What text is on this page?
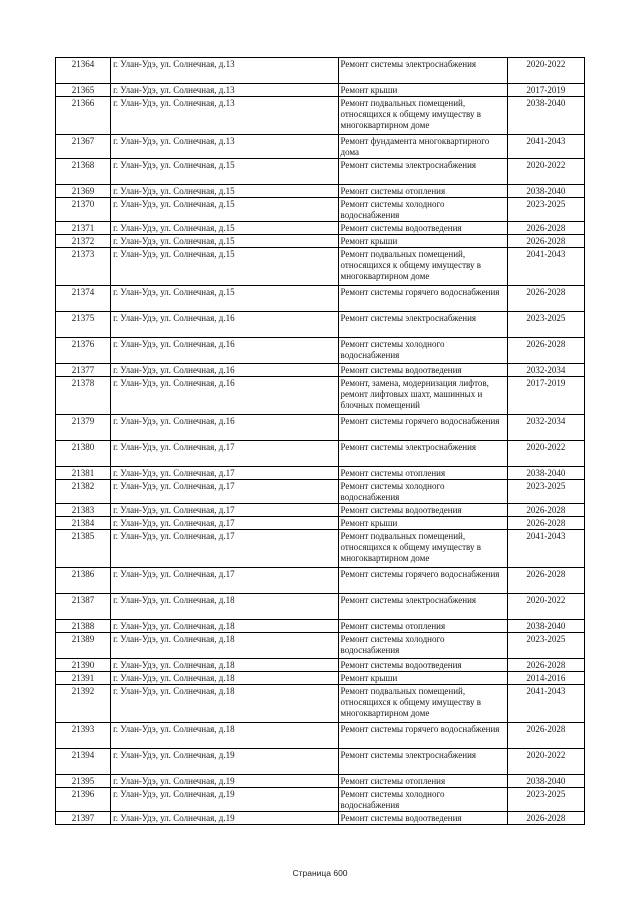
21364	г. Улан-Удэ, ул. Солнечная, д.13	Ремонт системы электроснабжения	2020-2022
21365	г. Улан-Удэ, ул. Солнечная, д.13	Ремонт крыши	2017-2019
21366	г. Улан-Удэ, ул. Солнечная, д.13	Ремонт подвальных помещений, относящихся к общему имуществу в многоквартирном доме	2038-2040
21367	г. Улан-Удэ, ул. Солнечная, д.13	Ремонт фундамента многоквартирного дома	2041-2043
21368	г. Улан-Удэ, ул. Солнечная, д.15	Ремонт системы электроснабжения	2020-2022
21369	г. Улан-Удэ, ул. Солнечная, д.15	Ремонт системы отопления	2038-2040
21370	г. Улан-Удэ, ул. Солнечная, д.15	Ремонт системы холодного водоснабжения	2023-2025
21371	г. Улан-Удэ, ул. Солнечная, д.15	Ремонт системы водоотведения	2026-2028
21372	г. Улан-Удэ, ул. Солнечная, д.15	Ремонт крыши	2026-2028
21373	г. Улан-Удэ, ул. Солнечная, д.15	Ремонт подвальных помещений, относящихся к общему имуществу в многоквартирном доме	2041-2043
21374	г. Улан-Удэ, ул. Солнечная, д.15	Ремонт системы горячего водоснабжения	2026-2028
21375	г. Улан-Удэ, ул. Солнечная, д.16	Ремонт системы электроснабжения	2023-2025
21376	г. Улан-Удэ, ул. Солнечная, д.16	Ремонт системы холодного водоснабжения	2026-2028
21377	г. Улан-Удэ, ул. Солнечная, д.16	Ремонт системы водоотведения	2032-2034
21378	г. Улан-Удэ, ул. Солнечная, д.16	Ремонт, замена, модернизация лифтов, ремонт лифтовых шахт, машинных и блочных помещений	2017-2019
21379	г. Улан-Удэ, ул. Солнечная, д.16	Ремонт системы горячего водоснабжения	2032-2034
21380	г. Улан-Удэ, ул. Солнечная, д.17	Ремонт системы электроснабжения	2020-2022
21381	г. Улан-Удэ, ул. Солнечная, д.17	Ремонт системы отопления	2038-2040
21382	г. Улан-Удэ, ул. Солнечная, д.17	Ремонт системы холодного водоснабжения	2023-2025
21383	г. Улан-Удэ, ул. Солнечная, д.17	Ремонт системы водоотведения	2026-2028
21384	г. Улан-Удэ, ул. Солнечная, д.17	Ремонт крыши	2026-2028
21385	г. Улан-Удэ, ул. Солнечная, д.17	Ремонт подвальных помещений, относящихся к общему имуществу в многоквартирном доме	2041-2043
21386	г. Улан-Удэ, ул. Солнечная, д.17	Ремонт системы горячего водоснабжения	2026-2028
21387	г. Улан-Удэ, ул. Солнечная, д.18	Ремонт системы электроснабжения	2020-2022
21388	г. Улан-Удэ, ул. Солнечная, д.18	Ремонт системы отопления	2038-2040
21389	г. Улан-Удэ, ул. Солнечная, д.18	Ремонт системы холодного водоснабжения	2023-2025
21390	г. Улан-Удэ, ул. Солнечная, д.18	Ремонт системы водоотведения	2026-2028
21391	г. Улан-Удэ, ул. Солнечная, д.18	Ремонт крыши	2014-2016
21392	г. Улан-Удэ, ул. Солнечная, д.18	Ремонт подвальных помещений, относящихся к общему имуществу в многоквартирном доме	2041-2043
21393	г. Улан-Удэ, ул. Солнечная, д.18	Ремонт системы горячего водоснабжения	2026-2028
21394	г. Улан-Удэ, ул. Солнечная, д.19	Ремонт системы электроснабжения	2020-2022
21395	г. Улан-Удэ, ул. Солнечная, д.19	Ремонт системы отопления	2038-2040
21396	г. Улан-Удэ, ул. Солнечная, д.19	Ремонт системы холодного водоснабжения	2023-2025
21397	г. Улан-Удэ, ул. Солнечная, д.19	Ремонт системы водоотведения	2026-2028
Страница 600
